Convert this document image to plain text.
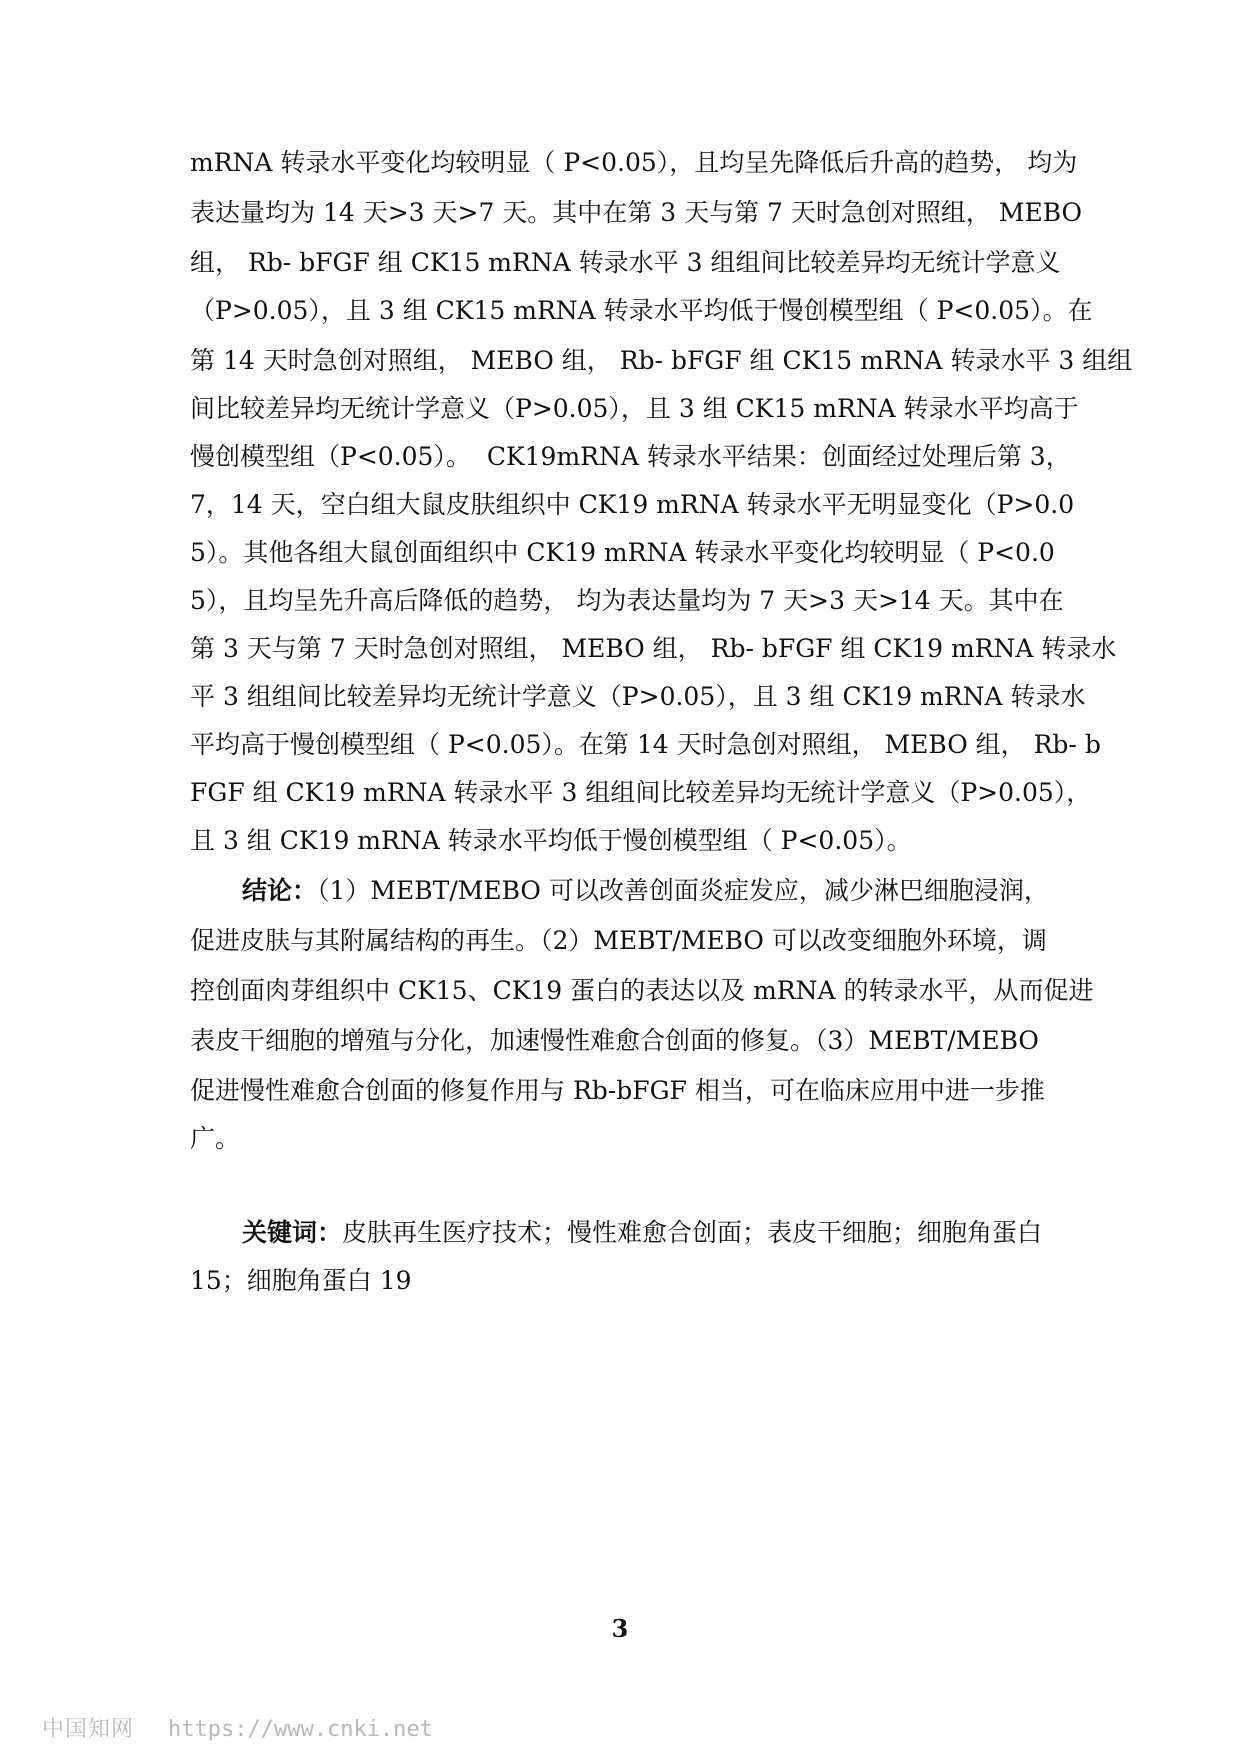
mRNA 转录水平变化均较明显（ P<0.05），且均呈先降低后升高的趋势， 均为
表达量均为 14 天>3 天>7 天。其中在第 3 天与第 7 天时急创对照组， MEBO
组， Rb- bFGF 组 CK15 mRNA 转录水平 3 组组间比较差异均无统计学意义
（P>0.05），且 3 组 CK15 mRNA 转录水平均低于慢创模型组（ P<0.05）。在
第 14 天时急创对照组， MEBO 组， Rb- bFGF 组 CK15 mRNA 转录水平 3 组组
间比较差异均无统计学意义（P>0.05），且 3 组 CK15 mRNA 转录水平均高于
慢创模型组（P<0.05）。  CK19mRNA 转录水平结果：创面经过处理后第 3，
7，14 天，空白组大鼠皮肤组织中 CK19 mRNA 转录水平无明显变化（P>0.0
5）。其他各组大鼠创面组织中 CK19 mRNA 转录水平变化均较明显（ P<0.0
5），且均呈先升高后降低的趋势， 均为表达量均为 7 天>3 天>14 天。其中在
第 3 天与第 7 天时急创对照组， MEBO 组， Rb- bFGF 组 CK19 mRNA 转录水
平 3 组组间比较差异均无统计学意义（P>0.05），且 3 组 CK19 mRNA 转录水
平均高于慢创模型组（ P<0.05）。在第 14 天时急创对照组， MEBO 组， Rb- b
FGF 组 CK19 mRNA 转录水平 3 组组间比较差异均无统计学意义（P>0.05），
且 3 组 CK19 mRNA 转录水平均低于慢创模型组（ P<0.05）。
结论：（1）MEBT/MEBO 可以改善创面炎症发应，减少淋巴细胞浸润，
促进皮肤与其附属结构的再生。（2）MEBT/MEBO 可以改变细胞外环境，调
控创面肉芽组织中 CK15、CK19 蛋白的表达以及 mRNA 的转录水平，从而促进
表皮干细胞的增殖与分化，加速慢性难愈合创面的修复。（3）MEBT/MEBO
促进慢性难愈合创面的修复作用与 Rb-bFGF 相当，可在临床应用中进一步推
广。
关键词：皮肤再生医疗技术；慢性难愈合创面；表皮干细胞；细胞角蛋白
15；细胞角蛋白 19
3
中国知网 https://www.cnki.net
